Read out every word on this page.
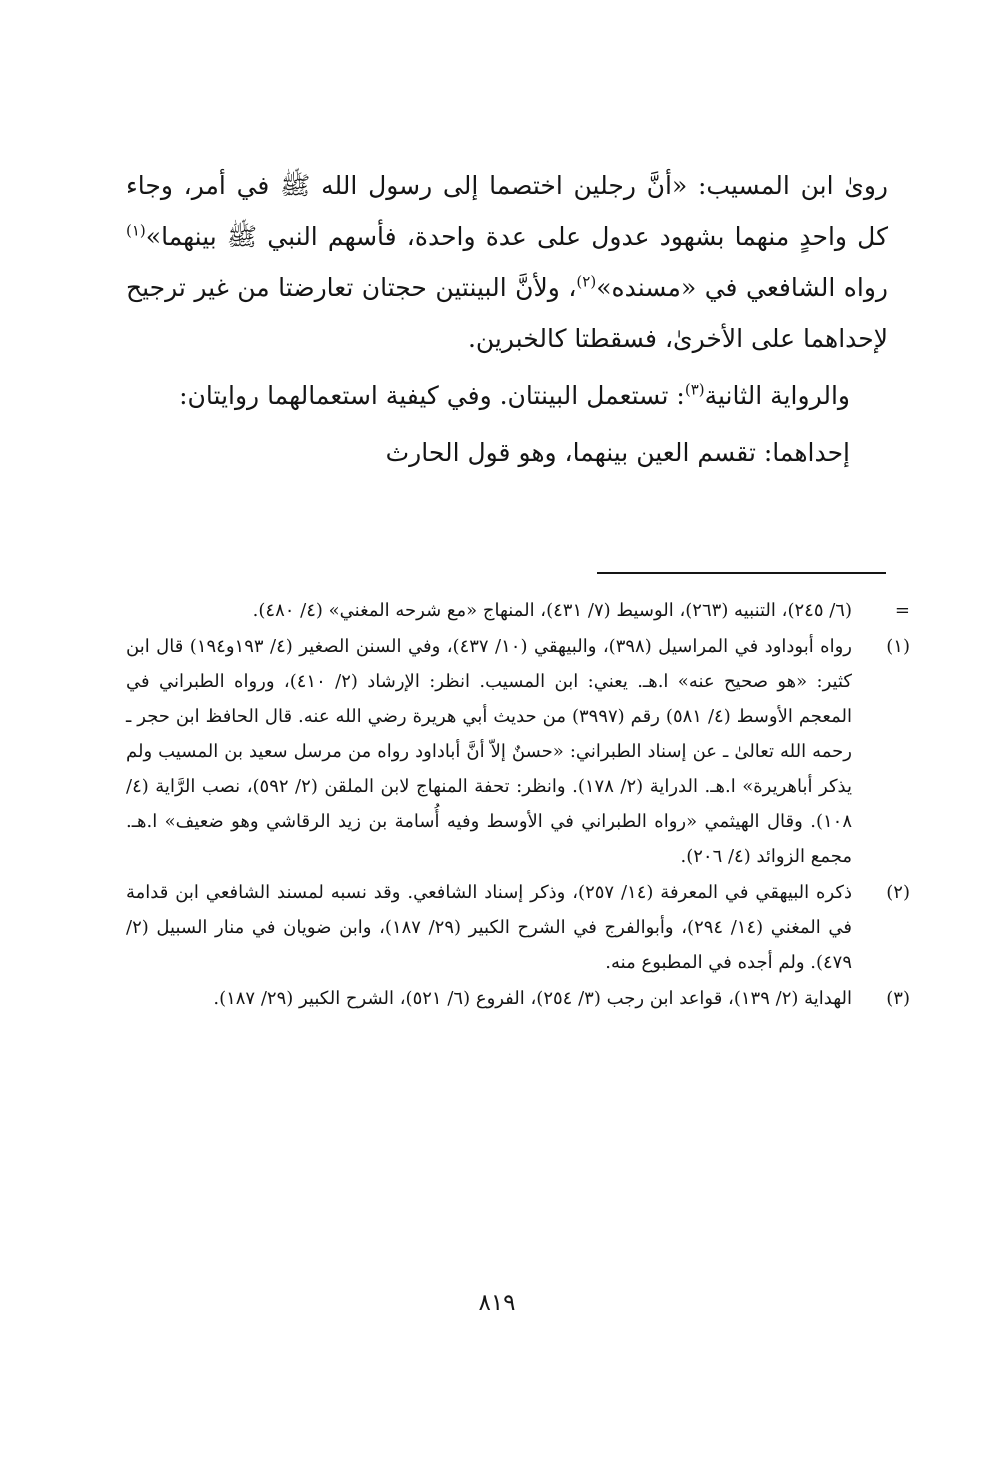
روىٰ ابن المسيب: «أنَّ رجلين اختصما إلى رسول الله ﷺ في أمر، وجاء كل واحدٍ منهما بشهود عدول على عدة واحدة، فأسهم النبي ﷺ بينهما»$^{(١)}$ رواه الشافعي في «مسنده»$^{(٢)}$، ولأنَّ البينتين حجتان تعارضتا من غير ترجيح لإحداهما على الأخرىٰ، فسقطتا كالخبرين.

والرواية الثانية$^{(٣)}$: تستعمل البينتان. وفي كيفية استعمالهما روايتان:

إحداهما: تقسم العين بينهما، وهو قول الحارث

=

(٦/ ٢٤٥)، التنبيه (٢٦٣)، الوسيط (٧/ ٤٣١)، المنهاج «مع شرحه المغني» (٤/ ٤٨٠).

(١)

رواه أبوداود في المراسيل (٣٩٨)، والبيهقي (١٠/ ٤٣٧)، وفي السنن الصغير (٤/ ١٩٣و١٩٤) قال ابن كثير: «هو صحيح عنه» ا.هـ. يعني: ابن المسيب. انظر: الإرشاد (٢/ ٤١٠)، ورواه الطبراني في المعجم الأوسط (٤/ ٥٨١) رقم (٣٩٩٧) من حديث أبي هريرة رضي الله عنه. قال الحافظ ابن حجر ـ رحمه الله تعالىٰ ـ عن إسناد الطبراني: «حسنٌ إلاّ أنَّ أباداود رواه من مرسل سعيد بن المسيب ولم يذكر أباهريرة» ا.هـ. الدراية (٢/ ١٧٨). وانظر: تحفة المنهاج لابن الملقن (٢/ ٥٩٢)، نصب الرَّاية (٤/ ١٠٨). وقال الهيثمي «رواه الطبراني في الأوسط وفيه أُسامة بن زيد الرقاشي وهو ضعيف» ا.هـ. مجمع الزوائد (٤/ ٢٠٦).

(٢)

ذكره البيهقي في المعرفة (١٤/ ٢٥٧)، وذكر إسناد الشافعي. وقد نسبه لمسند الشافعي ابن قدامة في المغني (١٤/ ٢٩٤)، وأبوالفرج في الشرح الكبير (٢٩/ ١٨٧)، وابن ضويان في منار السبيل (٢/ ٤٧٩). ولم أجده في المطبوع منه.

(٣)

الهداية (٢/ ١٣٩)، قواعد ابن رجب (٣/ ٢٥٤)، الفروع (٦/ ٥٢١)، الشرح الكبير (٢٩/ ١٨٧).

٨١٩
